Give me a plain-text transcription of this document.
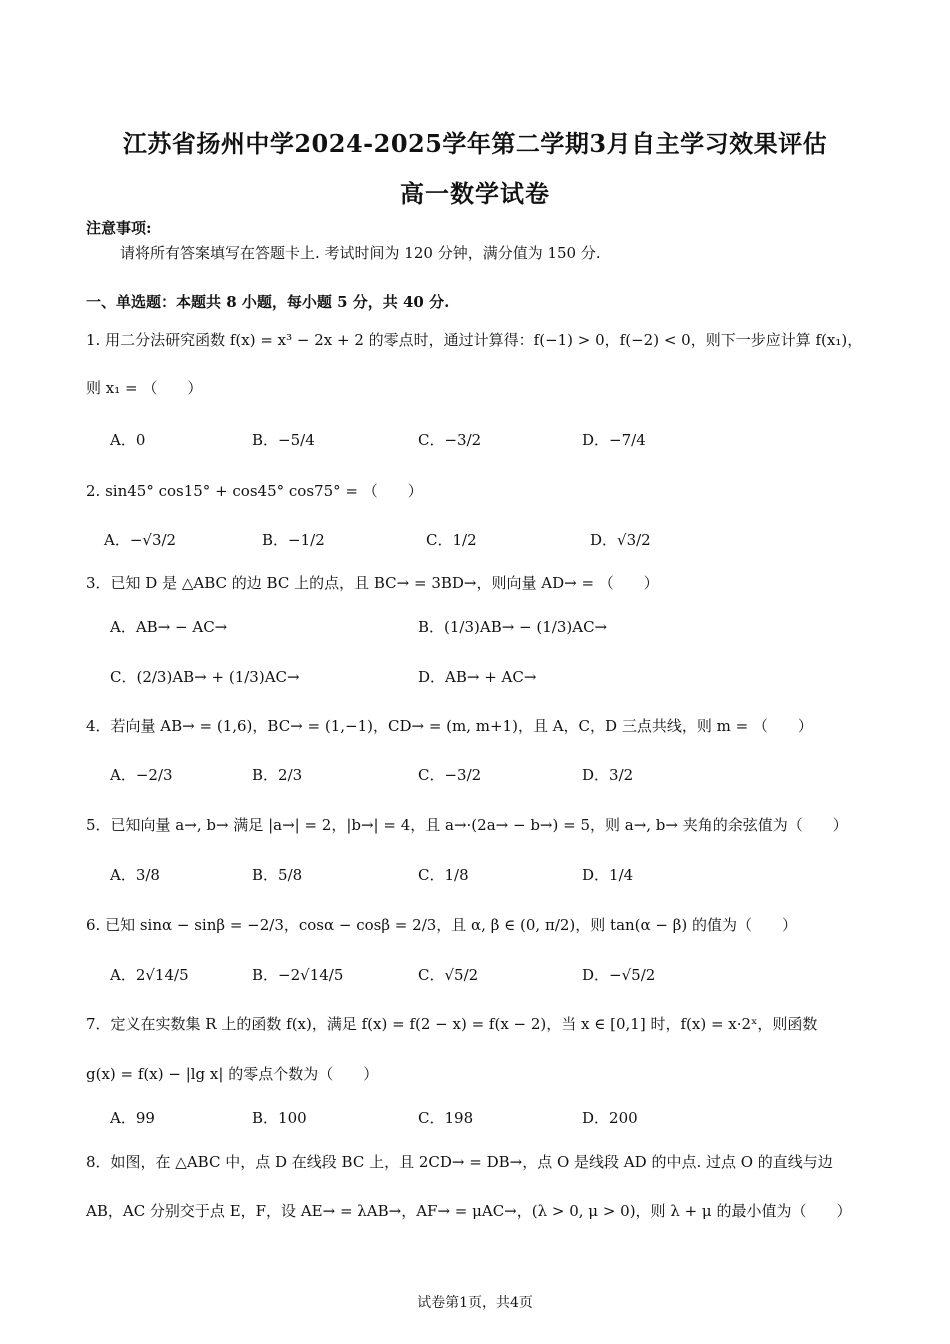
江苏省扬州中学2024-2025学年第二学期3月自主学习效果评估
高一数学试卷
注意事项:
请将所有答案填写在答题卡上. 考试时间为 120 分钟，满分值为 150 分.
一、单选题：本题共 8 小题，每小题 5 分，共 40 分.
1. 用二分法研究函数 f(x) = x³ − 2x + 2 的零点时，通过计算得：f(−1) > 0，f(−2) < 0，则下一步应计算 f(x₁)，
则 x₁ = （　　）
A．0	B．−5/4	C．−3/2	D．−7/4
2. sin45° cos15° + cos45° cos75° = （　　）
A．−√3/2	B．−1/2	C．1/2	D．√3/2
3．已知 D 是 △ABC 的边 BC 上的点，且 BC→ = 3BD→，则向量 AD→ = （　　）
A．AB→ − AC→	B．(1/3)AB→ − (1/3)AC→
C．(2/3)AB→ + (1/3)AC→	D．AB→ + AC→
4．若向量 AB→ = (1,6)，BC→ = (1,−1)，CD→ = (m, m+1)，且 A，C，D 三点共线，则 m = （　　）
A．−2/3	B．2/3	C．−3/2	D．3/2
5．已知向量 a→, b→ 满足 |a→| = 2，|b→| = 4，且 a→·(2a→ − b→) = 5，则 a→, b→ 夹角的余弦值为（　　）
A．3/8	B．5/8	C．1/8	D．1/4
6. 已知 sinα − sinβ = −2/3，cosα − cosβ = 2/3，且 α, β ∈ (0, π/2)，则 tan(α − β) 的值为（　　）
A．2√14/5	B．−2√14/5	C．√5/2	D．−√5/2
7．定义在实数集 R 上的函数 f(x)，满足 f(x) = f(2 − x) = f(x − 2)，当 x ∈ [0,1] 时，f(x) = x·2ˣ，则函数
g(x) = f(x) − |lg x| 的零点个数为（　　）
A．99	B．100	C．198	D．200
8．如图，在 △ABC 中，点 D 在线段 BC 上，且 2CD→ = DB→，点 O 是线段 AD 的中点. 过点 O 的直线与边
AB，AC 分别交于点 E，F，设 AE→ = λAB→，AF→ = μAC→，(λ > 0, μ > 0)，则 λ + μ 的最小值为（　　）
试卷第1页，共4页
